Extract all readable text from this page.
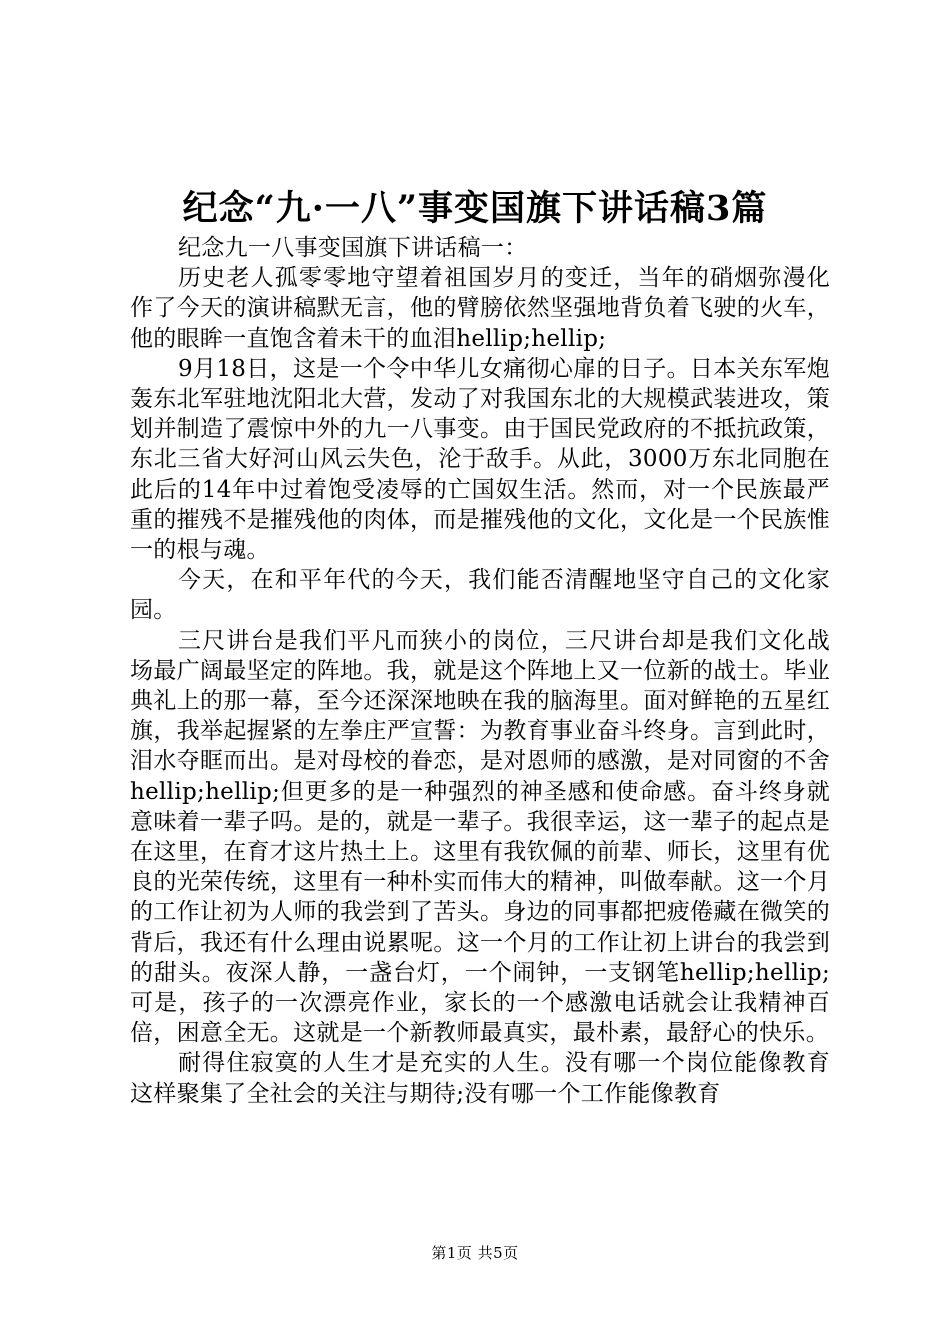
纪念“九·一八”事变国旗下讲话稿3篇

纪念九一八事变国旗下讲话稿一：

历史老人孤零零地守望着祖国岁月的变迁，当年的硝烟弥漫化作了今天的演讲稿默无言，他的臂膀依然坚强地背负着飞驶的火车，他的眼眸一直饱含着未干的血泪hellip;hellip;

9月18日，这是一个令中华儿女痛彻心扉的日子。日本关东军炮轰东北军驻地沈阳北大营，发动了对我国东北的大规模武装进攻，策划并制造了震惊中外的九一八事变。由于国民党政府的不抵抗政策，东北三省大好河山风云失色，沦于敌手。从此，3000万东北同胞在此后的14年中过着饱受凌辱的亡国奴生活。然而，对一个民族最严重的摧残不是摧残他的肉体，而是摧残他的文化，文化是一个民族惟一的根与魂。

今天，在和平年代的今天，我们能否清醒地坚守自己的文化家园。

三尺讲台是我们平凡而狭小的岗位，三尺讲台却是我们文化战场最广阔最坚定的阵地。我，就是这个阵地上又一位新的战士。毕业典礼上的那一幕，至今还深深地映在我的脑海里。面对鲜艳的五星红旗，我举起握紧的左拳庄严宣誓：为教育事业奋斗终身。言到此时，泪水夺眶而出。是对母校的眷恋，是对恩师的感激，是对同窗的不舍hellip;hellip;但更多的是一种强烈的神圣感和使命感。奋斗终身就意味着一辈子吗。是的，就是一辈子。我很幸运，这一辈子的起点是在这里，在育才这片热土上。这里有我钦佩的前辈、师长，这里有优良的光荣传统，这里有一种朴实而伟大的精神，叫做奉献。这一个月的工作让初为人师的我尝到了苦头。身边的同事都把疲倦藏在微笑的背后，我还有什么理由说累呢。这一个月的工作让初上讲台的我尝到的甜头。夜深人静，一盏台灯，一个闹钟，一支钢笔hellip;hellip;可是，孩子的一次漂亮作业，家长的一个感激电话就会让我精神百倍，困意全无。这就是一个新教师最真实，最朴素，最舒心的快乐。

耐得住寂寞的人生才是充实的人生。没有哪一个岗位能像教育这样聚集了全社会的关注与期待;没有哪一个工作能像教育

第1页 共5页
